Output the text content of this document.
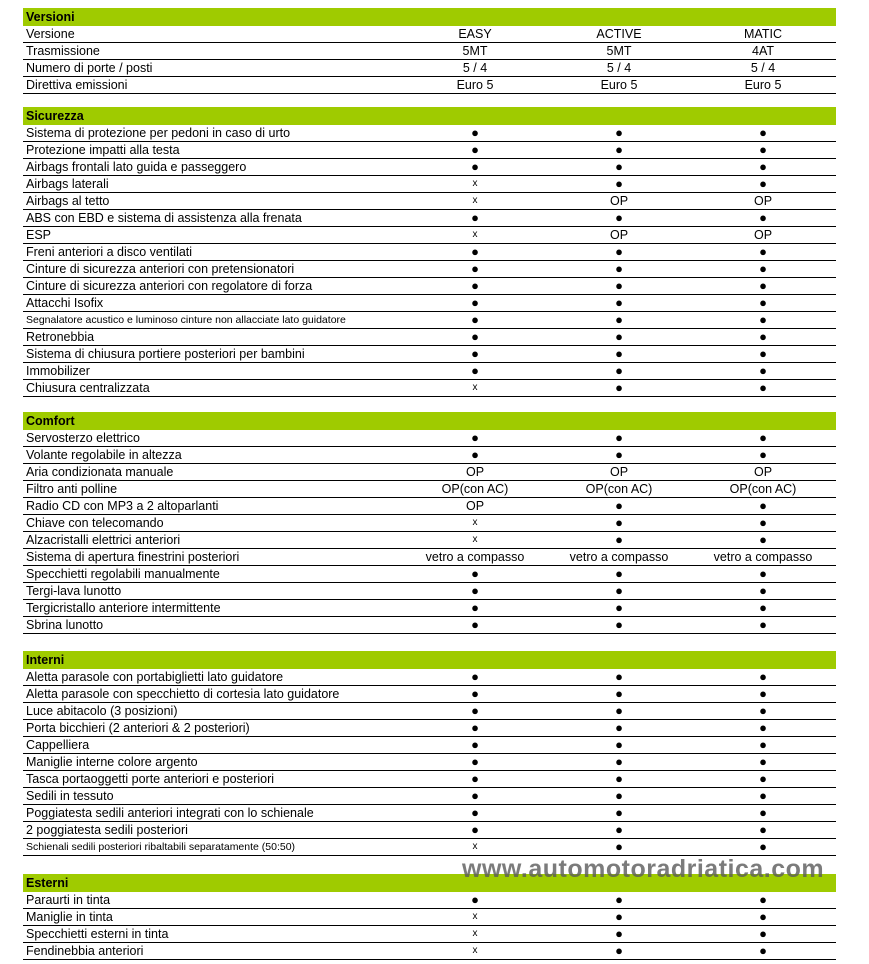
Versioni
Versione	EASY	ACTIVE	MATIC
Trasmissione	5MT	5MT	4AT
Numero di porte / posti	5 / 4	5 / 4	5 / 4
Direttiva emissioni	Euro 5	Euro 5	Euro 5
Sicurezza
Sistema di protezione per pedoni in caso di urto	●	●	●
Protezione impatti alla testa	●	●	●
Airbags frontali lato guida e passeggero	●	●	●
Airbags laterali	x	●	●
Airbags al tetto	x	OP	OP
ABS con EBD e sistema di assistenza alla frenata	●	●	●
ESP	x	OP	OP
Freni anteriori a disco ventilati	●	●	●
Cinture di sicurezza anteriori con pretensionatori	●	●	●
Cinture di sicurezza anteriori con regolatore di forza	●	●	●
Attacchi Isofix	●	●	●
Segnalatore acustico e luminoso cinture non allacciate lato guidatore	●	●	●
Retronebbia	●	●	●
Sistema di chiusura portiere posteriori per bambini	●	●	●
Immobilizer	●	●	●
Chiusura centralizzata	x	●	●
Comfort
Servosterzo elettrico	●	●	●
Volante regolabile in altezza	●	●	●
Aria condizionata manuale	OP	OP	OP
Filtro anti polline	OP(con AC)	OP(con AC)	OP(con AC)
Radio CD con MP3 a 2 altoparlanti	OP	●	●
Chiave con telecomando	x	●	●
Alzacristalli elettrici anteriori	x	●	●
Sistema di apertura finestrini posteriori	vetro a compasso	vetro a compasso	vetro a compasso
Specchietti regolabili manualmente	●	●	●
Tergi-lava lunotto	●	●	●
Tergicristallo anteriore intermittente	●	●	●
Sbrina lunotto	●	●	●
Interni
Aletta parasole con portabiglietti lato guidatore	●	●	●
Aletta parasole con specchietto di cortesia lato guidatore	●	●	●
Luce abitacolo (3 posizioni)	●	●	●
Porta bicchieri (2 anteriori & 2 posteriori)	●	●	●
Cappelliera	●	●	●
Maniglie interne colore argento	●	●	●
Tasca portaoggetti porte anteriori e posteriori	●	●	●
Sedili in tessuto	●	●	●
Poggiatesta sedili anteriori integrati con lo schienale	●	●	●
2 poggiatesta sedili posteriori	●	●	●
Schienali sedili posteriori ribaltabili separatamente (50:50)	x	●	●
Esterni
Paraurti in tinta	●	●	●
Maniglie in tinta	x	●	●
Specchietti esterni in tinta	x	●	●
Fendinebbia anteriori	x	●	●
www.automotoradriatica.com
